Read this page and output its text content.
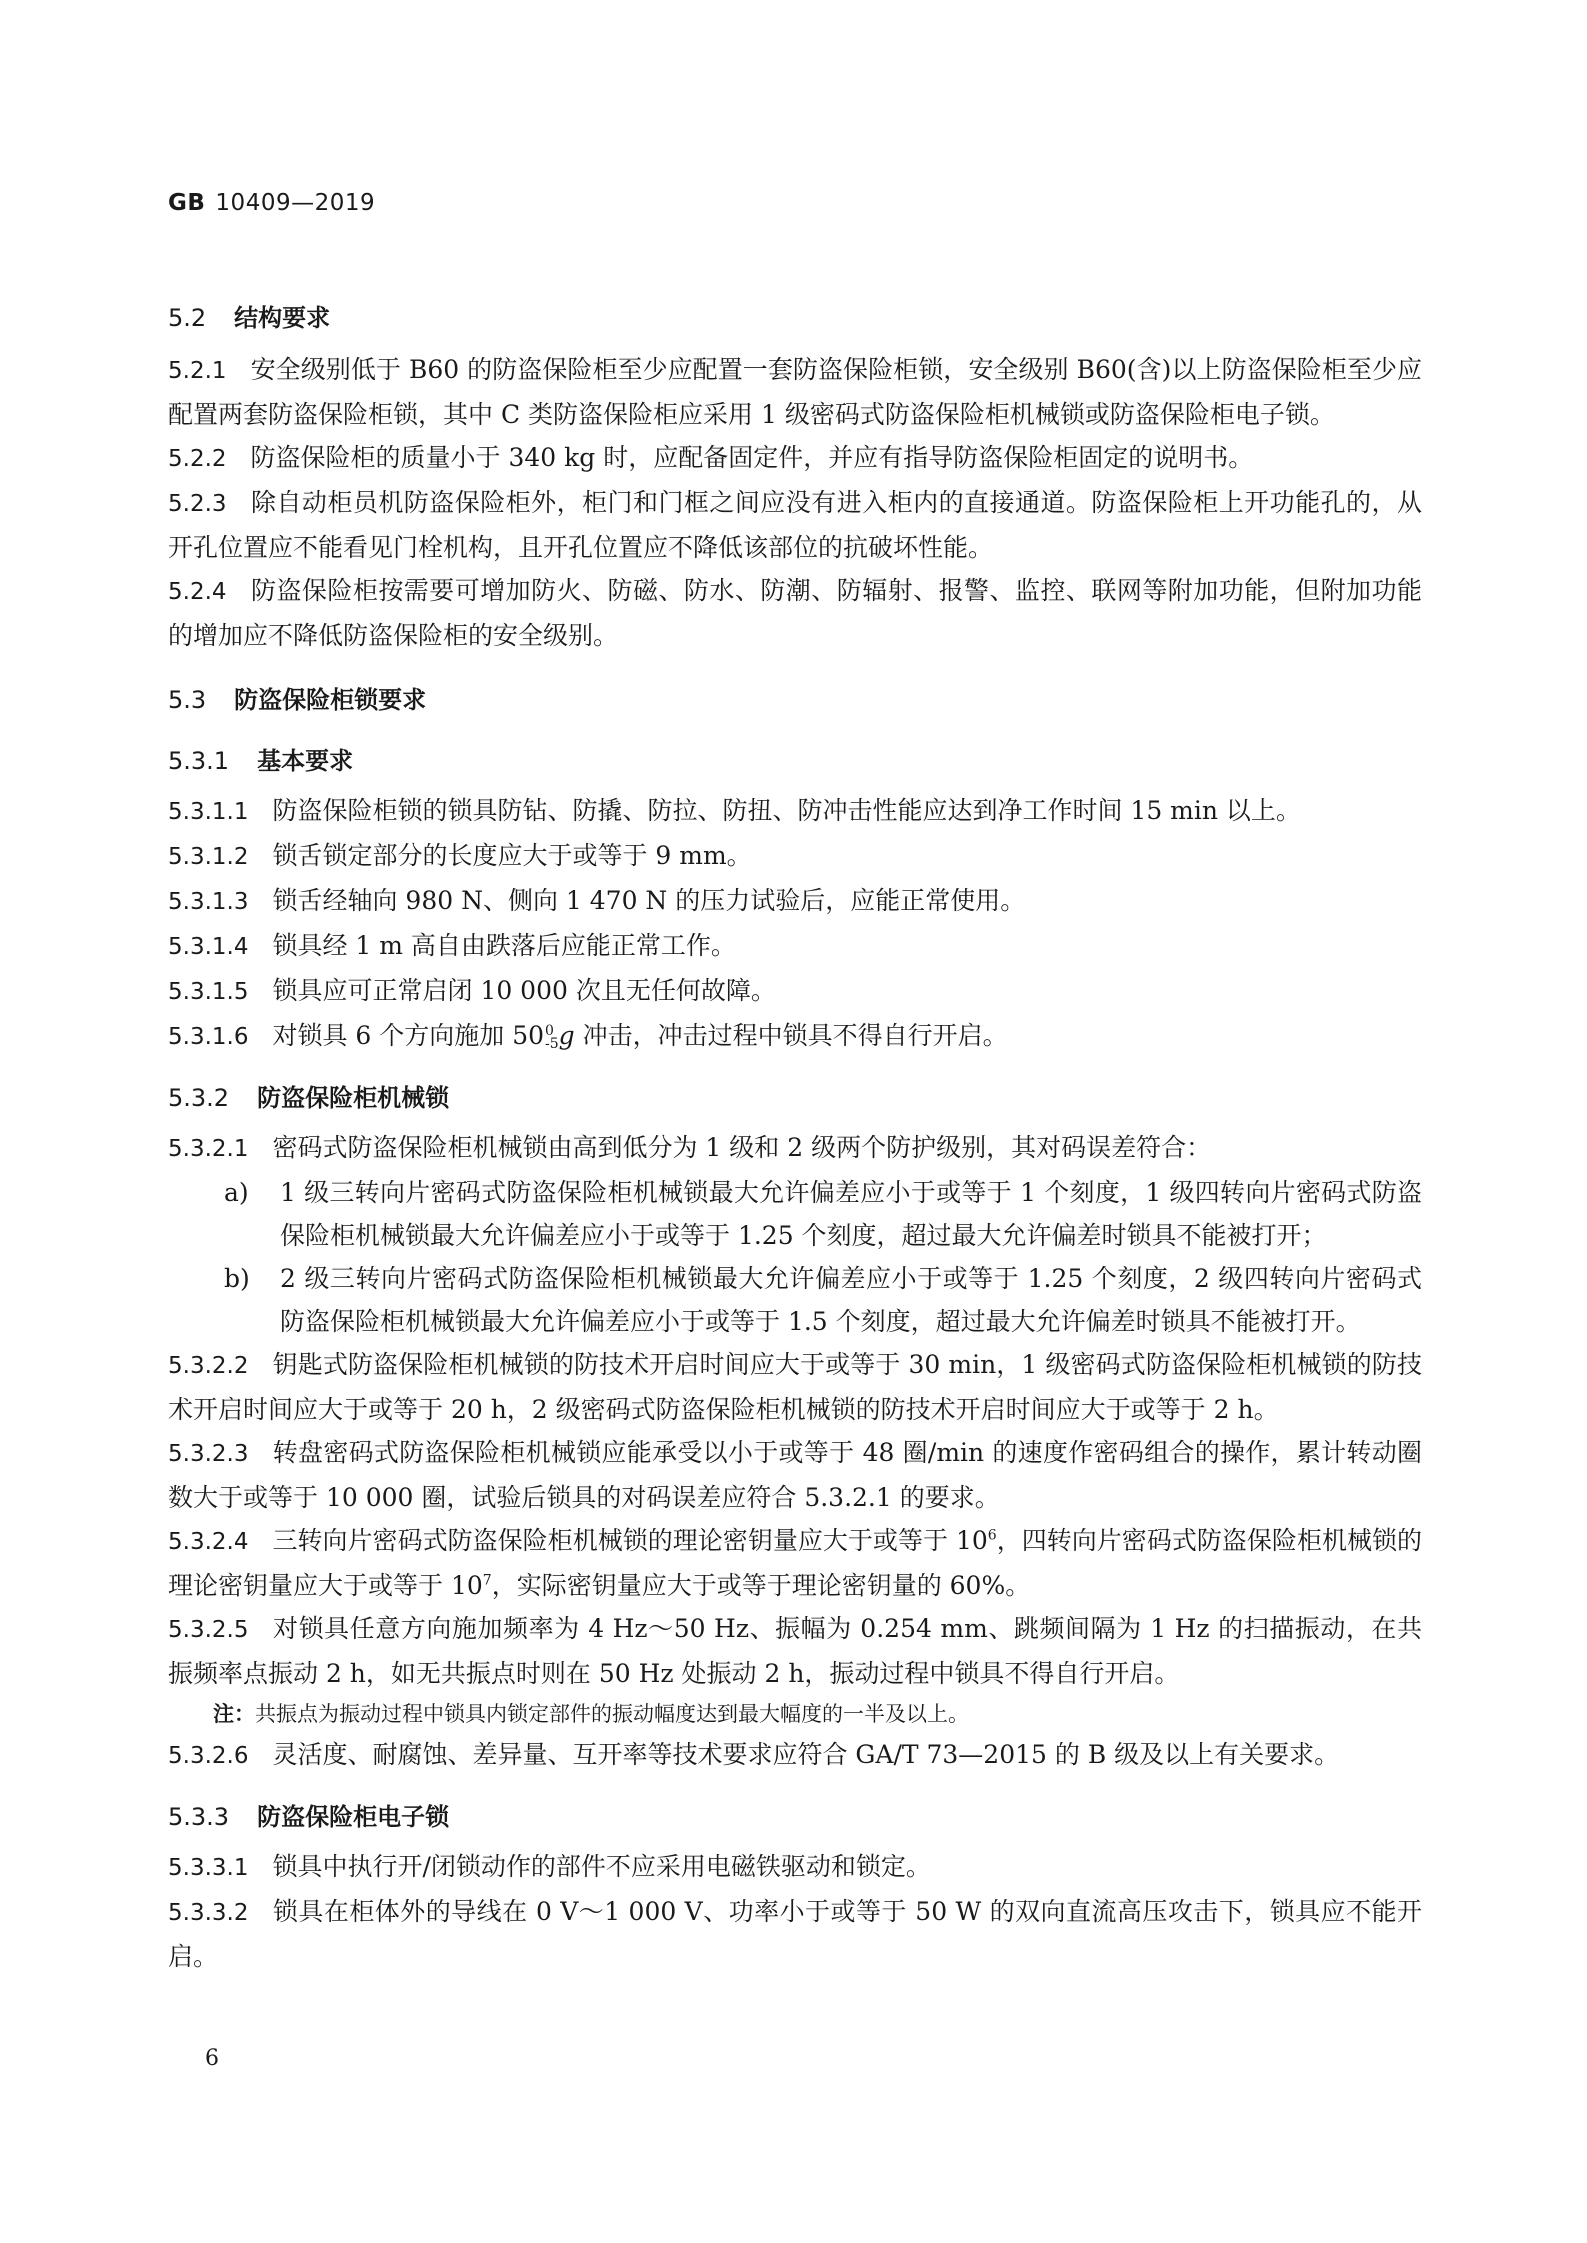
GB 10409—2019
5.2 结构要求
5.2.1 安全级别低于 B60 的防盗保险柜至少应配置一套防盗保险柜锁，安全级别 B60(含)以上防盗保险柜至少应配置两套防盗保险柜锁，其中 C 类防盗保险柜应采用 1 级密码式防盗保险柜机械锁或防盗保险柜电子锁。
5.2.2 防盗保险柜的质量小于 340 kg 时，应配备固定件，并应有指导防盗保险柜固定的说明书。
5.2.3 除自动柜员机防盗保险柜外，柜门和门框之间应没有进入柜内的直接通道。防盗保险柜上开功能孔的，从开孔位置应不能看见门栓机构，且开孔位置应不降低该部位的抗破坏性能。
5.2.4 防盗保险柜按需要可增加防火、防磁、防水、防潮、防辐射、报警、监控、联网等附加功能，但附加功能的增加应不降低防盗保险柜的安全级别。
5.3 防盗保险柜锁要求
5.3.1 基本要求
5.3.1.1 防盗保险柜锁的锁具防钻、防撬、防拉、防扭、防冲击性能应达到净工作时间 15 min 以上。
5.3.1.2 锁舌锁定部分的长度应大于或等于 9 mm。
5.3.1.3 锁舌经轴向 980 N、侧向 1 470 N 的压力试验后，应能正常使用。
5.3.1.4 锁具经 1 m 高自由跌落后应能正常工作。
5.3.1.5 锁具应可正常启闭 10 000 次且无任何故障。
5.3.1.6 对锁具 6 个方向施加 50 0
-5 g 冲击，冲击过程中锁具不得自行开启。
5.3.2 防盗保险柜机械锁
5.3.2.1 密码式防盗保险柜机械锁由高到低分为 1 级和 2 级两个防护级别，其对码误差符合：
a) 1 级三转向片密码式防盗保险柜机械锁最大允许偏差应小于或等于 1 个刻度，1 级四转向片密码式防盗保险柜机械锁最大允许偏差应小于或等于 1.25 个刻度，超过最大允许偏差时锁具不能被打开；
b) 2 级三转向片密码式防盗保险柜机械锁最大允许偏差应小于或等于 1.25 个刻度，2 级四转向片密码式防盗保险柜机械锁最大允许偏差应小于或等于 1.5 个刻度，超过最大允许偏差时锁具不能被打开。
5.3.2.2 钥匙式防盗保险柜机械锁的防技术开启时间应大于或等于 30 min，1 级密码式防盗保险柜机械锁的防技术开启时间应大于或等于 20 h，2 级密码式防盗保险柜机械锁的防技术开启时间应大于或等于 2 h。
5.3.2.3 转盘密码式防盗保险柜机械锁应能承受以小于或等于 48 圈/min 的速度作密码组合的操作，累计转动圈数大于或等于 10 000 圈，试验后锁具的对码误差应符合 5.3.2.1 的要求。
5.3.2.4 三转向片密码式防盗保险柜机械锁的理论密钥量应大于或等于 $10^6$，四转向片密码式防盗保险柜机械锁的理论密钥量应大于或等于 $10^7$，实际密钥量应大于或等于理论密钥量的 60%。
5.3.2.5 对锁具任意方向施加频率为 4 Hz～50 Hz、振幅为 0.254 mm、跳频间隔为 1 Hz 的扫描振动，在共振频率点振动 2 h，如无共振点时则在 50 Hz 处振动 2 h，振动过程中锁具不得自行开启。
注：共振点为振动过程中锁具内锁定部件的振动幅度达到最大幅度的一半及以上。
5.3.2.6 灵活度、耐腐蚀、差异量、互开率等技术要求应符合 GA/T 73—2015 的 B 级及以上有关要求。
5.3.3 防盗保险柜电子锁
5.3.3.1 锁具中执行开/闭锁动作的部件不应采用电磁铁驱动和锁定。
5.3.3.2 锁具在柜体外的导线在 0 V～1 000 V、功率小于或等于 50 W 的双向直流高压攻击下，锁具应不能开启。
6
